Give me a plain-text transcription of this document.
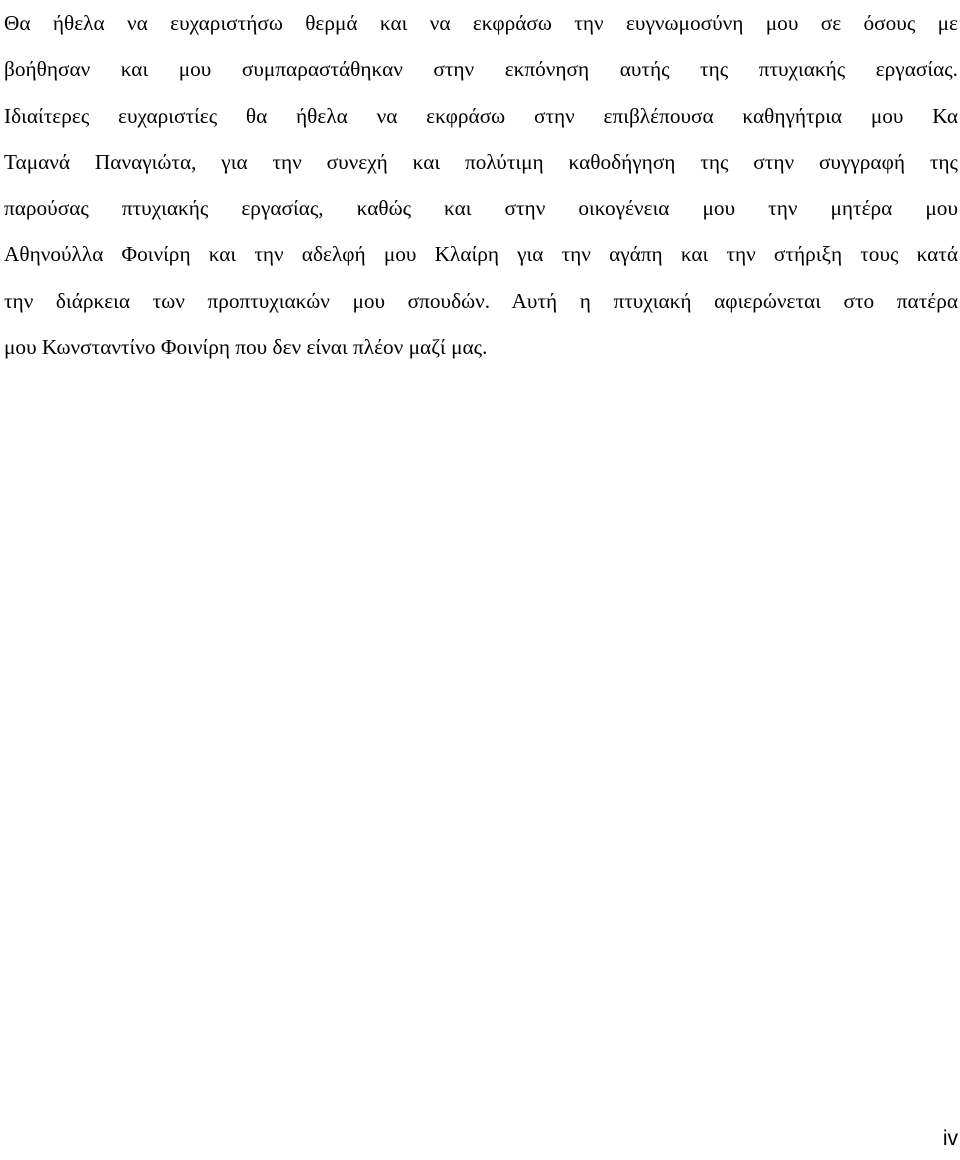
Θα ήθελα να ευχαριστήσω θερμά και να εκφράσω την ευγνωμοσύνη μου σε όσους με
βοήθησαν και μου συμπαραστάθηκαν στην εκπόνηση αυτής της πτυχιακής εργασίας.
Ιδιαίτερες ευχαριστίες θα ήθελα να εκφράσω στην επιβλέπουσα καθηγήτρια μου Κα
Ταμανά Παναγιώτα, για την συνεχή και πολύτιμη καθοδήγηση της στην συγγραφή της
παρούσας πτυχιακής εργασίας, καθώς και στην οικογένεια μου την μητέρα μου
Αθηνούλλα Φοινίρη και την αδελφή μου Κλαίρη για την αγάπη και την στήριξη τους κατά
την διάρκεια των προπτυχιακών μου σπουδών. Αυτή η πτυχιακή αφιερώνεται στο πατέρα
μου Κωνσταντίνο Φοινίρη που δεν είναι πλέον μαζί μας.

iv
